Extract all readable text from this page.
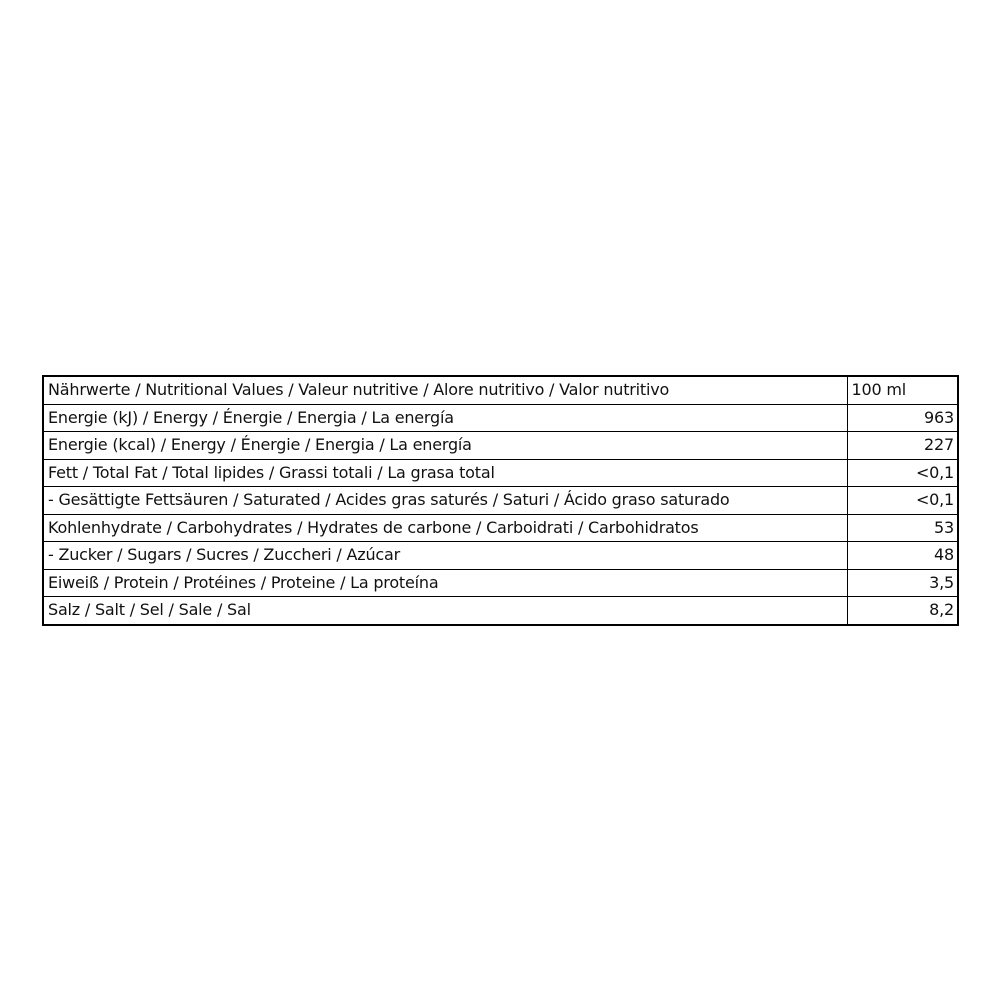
Nährwerte / Nutritional Values / Valeur nutritive / Alore nutritivo / Valor nutritivo	100 ml
Energie (kJ) / Energy / Énergie / Energia / La energía	963
Energie (kcal) / Energy / Énergie / Energia / La energía	227
Fett / Total Fat / Total lipides / Grassi totali / La grasa total	<0,1
- Gesättigte Fettsäuren / Saturated / Acides gras saturés / Saturi / Ácido graso saturado	<0,1
Kohlenhydrate / Carbohydrates / Hydrates de carbone / Carboidrati / Carbohidratos	53
- Zucker / Sugars / Sucres / Zuccheri / Azúcar	48
Eiweiß / Protein / Protéines / Proteine / La proteína	3,5
Salz / Salt / Sel / Sale / Sal	8,2
